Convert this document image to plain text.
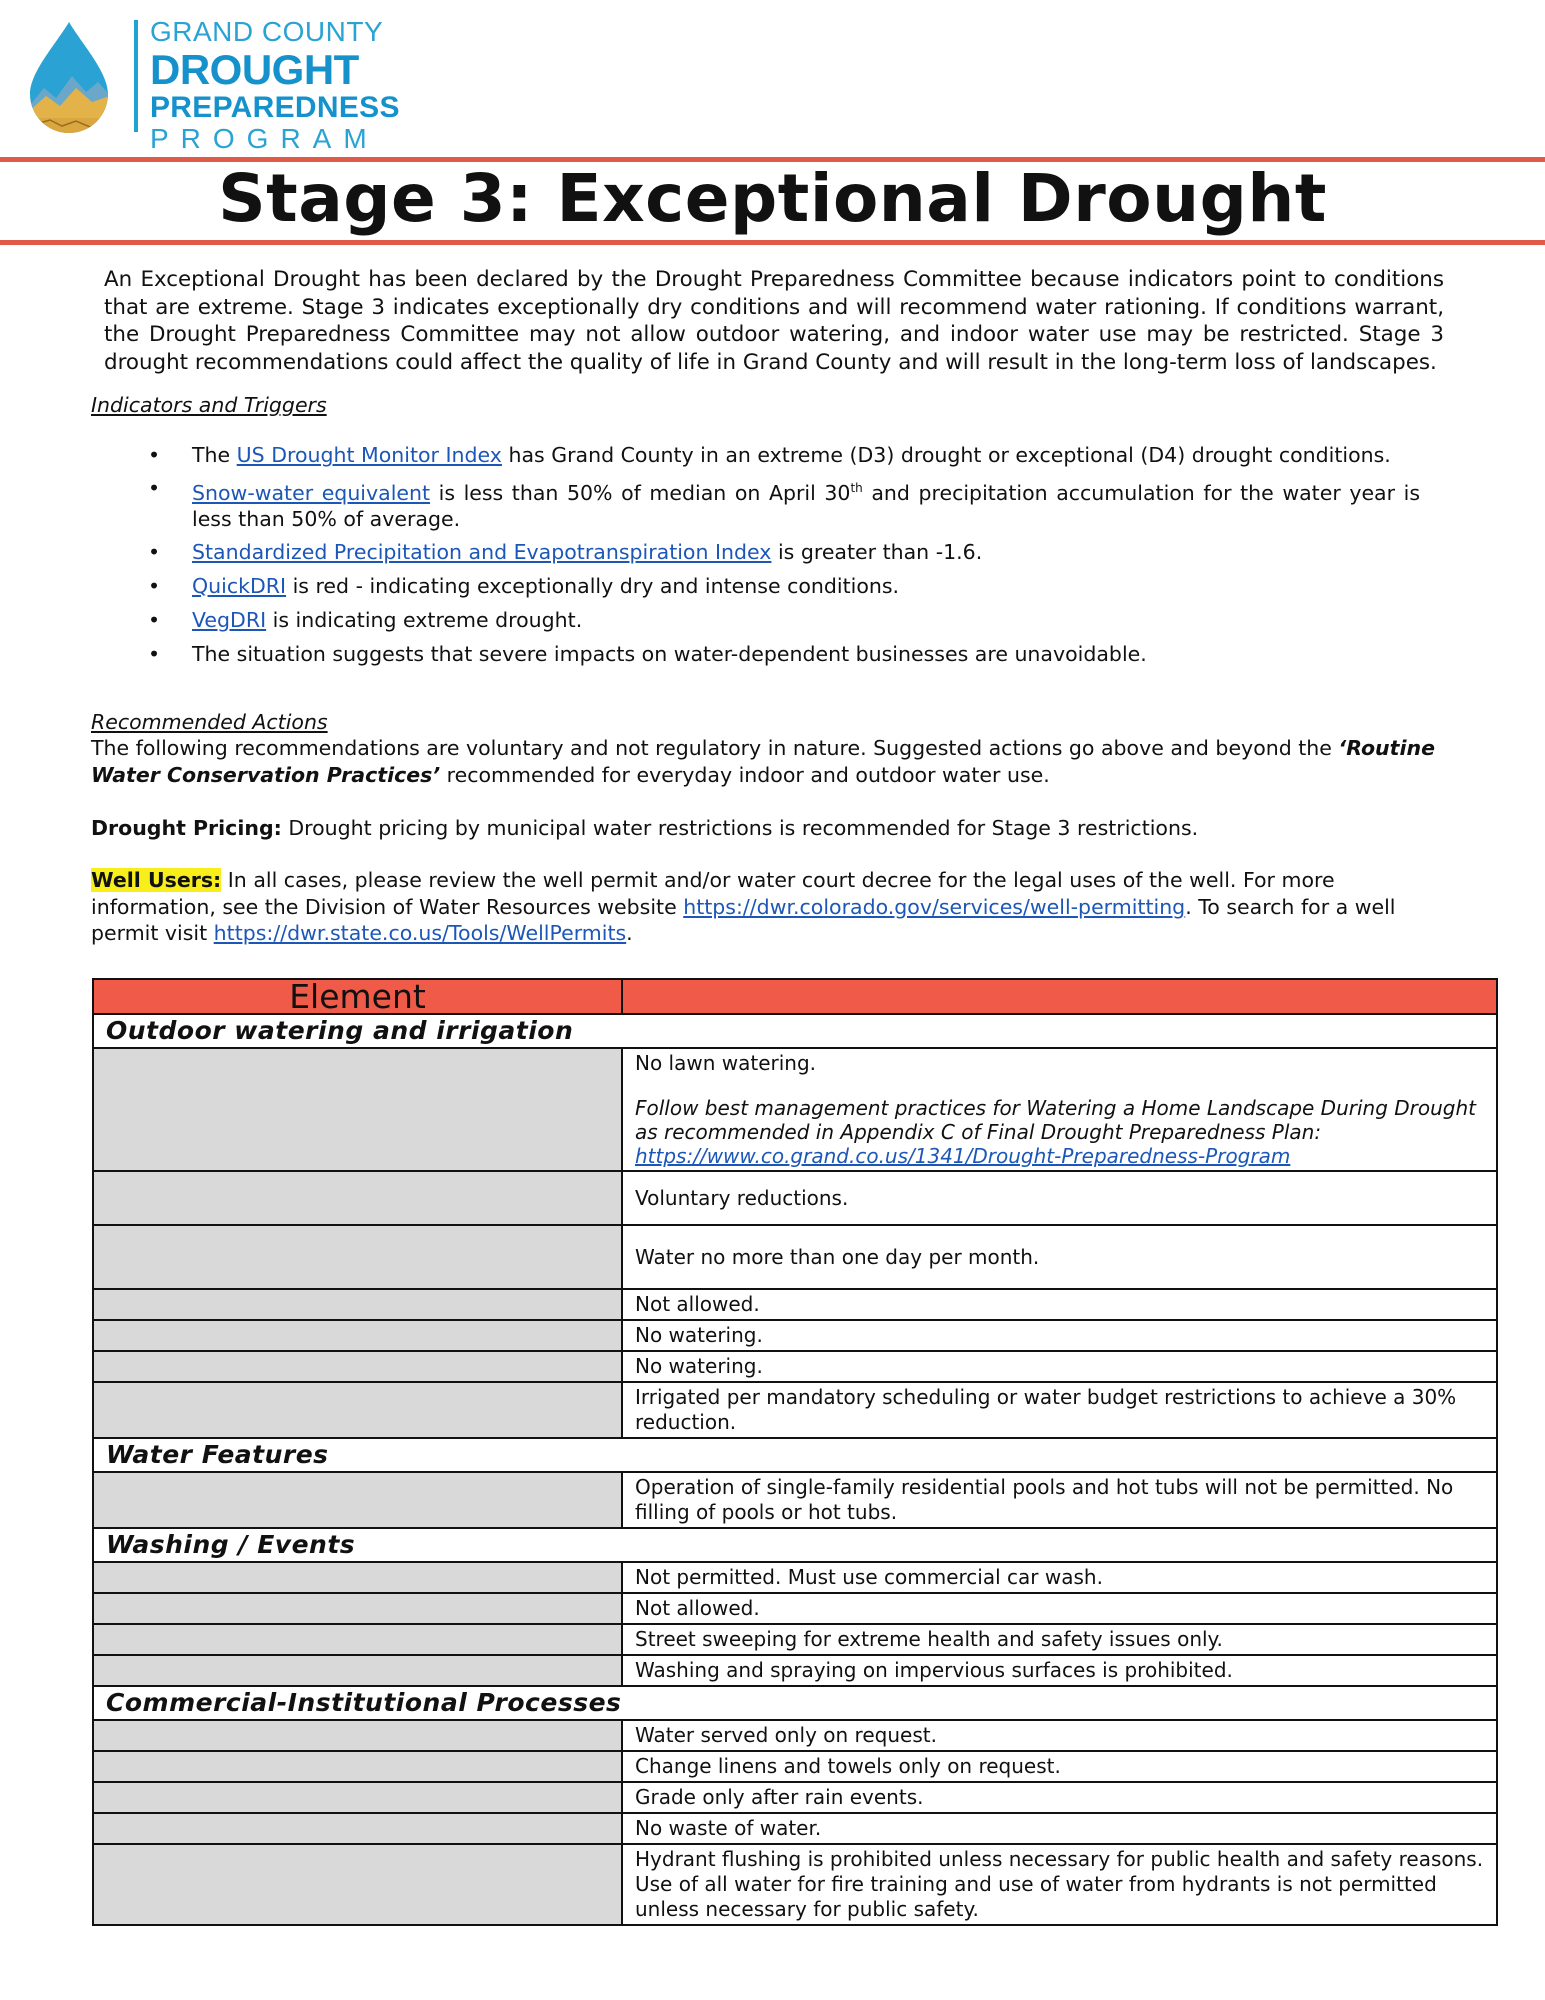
GRAND COUNTY
DROUGHT
PREPAREDNESS
PROGRAM
Stage 3: Exceptional Drought
An Exceptional Drought has been declared by the Drought Preparedness Committee because indicators point to conditions that are extreme. Stage 3 indicates exceptionally dry conditions and will recommend water rationing. If conditions warrant, the Drought Preparedness Committee may not allow outdoor watering, and indoor water use may be restricted. Stage 3 drought recommendations could affect the quality of life in Grand County and will result in the long-term loss of landscapes.
Indicators and Triggers
• The US Drought Monitor Index has Grand County in an extreme (D3) drought or exceptional (D4) drought conditions.
• Snow-water equivalent is less than 50% of median on April 30th and precipitation accumulation for the water year is less than 50% of average.
• Standardized Precipitation and Evapotranspiration Index is greater than -1.6.
• QuickDRI is red - indicating exceptionally dry and intense conditions.
• VegDRI is indicating extreme drought.
• The situation suggests that severe impacts on water-dependent businesses are unavoidable.
Recommended Actions
The following recommendations are voluntary and not regulatory in nature. Suggested actions go above and beyond the ‘Routine Water Conservation Practices’ recommended for everyday indoor and outdoor water use.
Drought Pricing: Drought pricing by municipal water restrictions is recommended for Stage 3 restrictions.
Well Users: In all cases, please review the well permit and/or water court decree for the legal uses of the well. For more information, see the Division of Water Resources website https://dwr.colorado.gov/services/well-permitting. To search for a well permit visit https://dwr.state.co.us/Tools/WellPermits.
Element	
Outdoor watering and irrigation	

	No lawn watering.
Follow best management practices for Watering a Home Landscape During Drought as recommended in Appendix C of Final Drought Preparedness Plan:
https://www.co.grand.co.us/1341/Drought-Preparedness-Program

	Voluntary reductions.
	Water no more than one day per month.
	Not allowed.
	No watering.
	No watering.
	Irrigated per mandatory scheduling or water budget restrictions to achieve a 30% reduction.
Water Features	
	Operation of single-family residential pools and hot tubs will not be permitted. No filling of pools or hot tubs.
Washing / Events	
	Not permitted. Must use commercial car wash.
	Not allowed.
	Street sweeping for extreme health and safety issues only.
	Washing and spraying on impervious surfaces is prohibited.
Commercial-Institutional Processes	
	Water served only on request.
	Change linens and towels only on request.
	Grade only after rain events.
	No waste of water.
	Hydrant flushing is prohibited unless necessary for public health and safety reasons. Use of all water for fire training and use of water from hydrants is not permitted unless necessary for public safety.
